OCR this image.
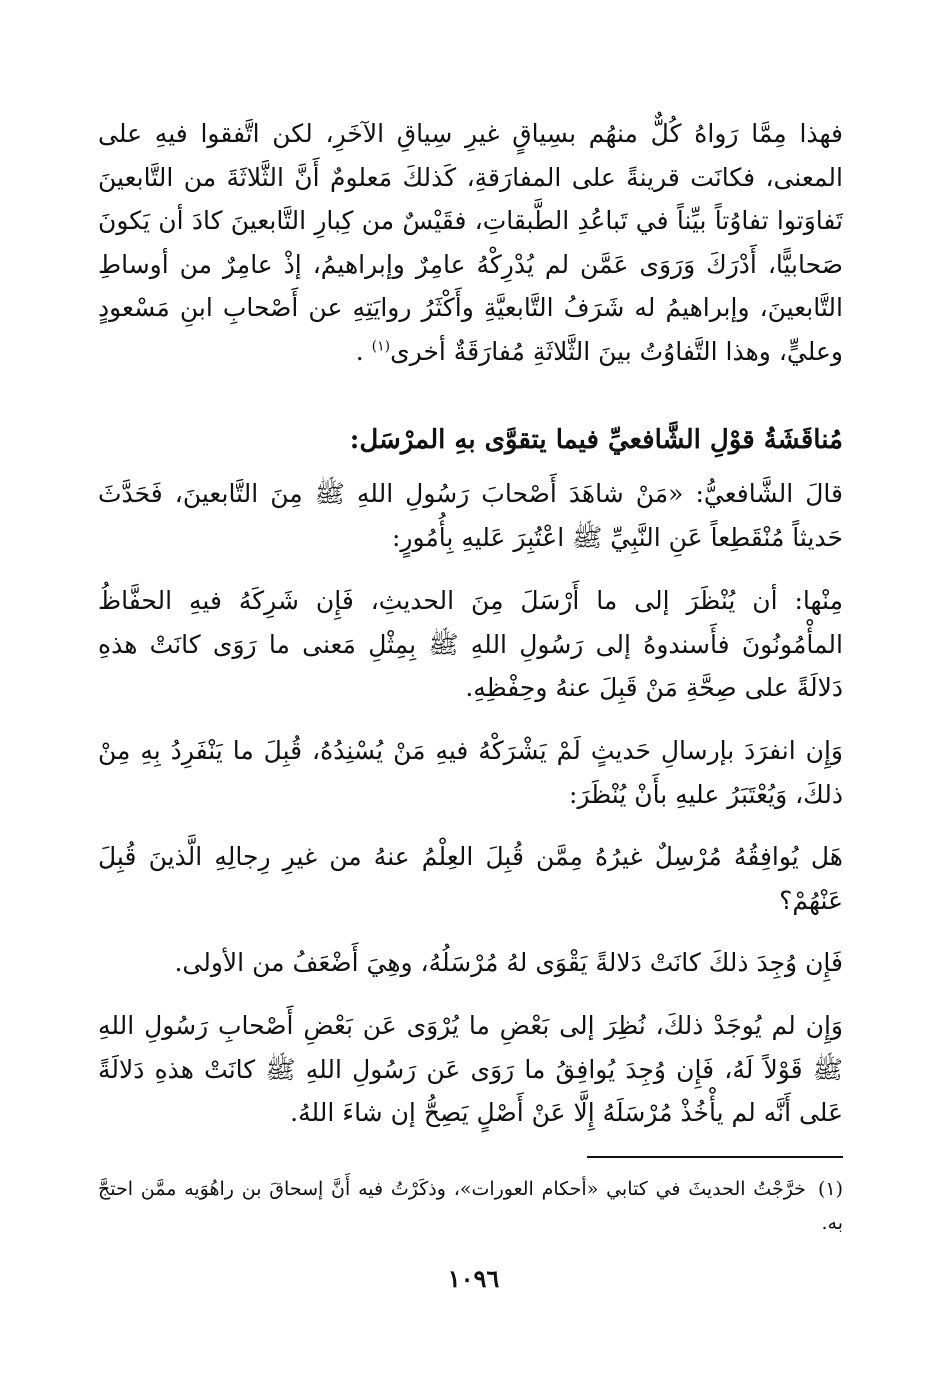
فهذا مِمَّا رَواهُ كُلٌّ منهُم بسِياقٍ غيرِ سِياقِ الآخَرِ، لكن اتَّفقوا فيهِ على المعنى، فكانَت قرينةً على المفارَقةِ، كَذلكَ مَعلومٌ أَنَّ الثَّلاثَةَ من التَّابعينَ تَفاوَتوا تفاوُتاً بيِّناً في تَباعُدِ الطَّبقاتِ، فقَيْسٌ من كِبارِ التَّابعينَ كادَ أن يَكونَ صَحابيًّا، أَدْرَكَ وَرَوَى عَمَّن لم يُدْرِكْهُ عامِرٌ وإبراهيمُ، إذْ عامِرٌ من أوساطِ التَّابعينَ، وإبراهيمُ له شَرَفُ التَّابعيَّةِ وأَكْثَرُ روايَتِهِ عن أَصْحابِ ابنِ مَسْعودٍ وعليٍّ، وهذا التَّفاوُتُ بينَ الثَّلاثَةِ مُفارَقَةٌ أخرى$^{(١)}$ .

مُناقَشَةُ قوْلِ الشَّافعيِّ فيما يتقوَّى بهِ المرْسَل:

قالَ الشَّافعيُّ: «مَنْ شاهَدَ أَصْحابَ رَسُولِ اللهِ ﷺ مِنَ التَّابعينَ، فَحَدَّثَ حَديثاً مُنْقَطِعاً عَنِ النَّبِيِّ ﷺ اعْتُبِرَ عَليهِ بِأُمُورٍ:

مِنْها: أن يُنْظَرَ إلى ما أَرْسَلَ مِنَ الحديثِ، فَإِن شَرِكَهُ فيهِ الحفَّاظُ المأْمُونُونَ فأَسندوهُ إلى رَسُولِ اللهِ ﷺ بِمِثْلِ مَعنى ما رَوَى كانَتْ هذهِ دَلالَةً على صِحَّةِ مَنْ قَبِلَ عنهُ وحِفْظِهِ.

وَإِن انفرَدَ بإرسالِ حَديثٍ لَمْ يَشْرَكْهُ فيهِ مَنْ يُسْنِدُهُ، قُبِلَ ما يَنْفَرِدُ بِهِ مِنْ ذلكَ، وَيُعْتَبَرُ عليهِ بأَنْ يُنْظَرَ:

هَل يُوافِقُهُ مُرْسِلٌ غيرُهُ مِمَّن قُبِلَ العِلْمُ عنهُ من غيرِ رِجالِهِ الَّذينَ قُبِلَ عَنْهُمْ؟

فَإِن وُجِدَ ذلكَ كانَتْ دَلالةً يَقْوَى لهُ مُرْسَلُهُ، وهِيَ أَضْعَفُ من الأولى.

وَإِن لم يُوجَدْ ذلكَ، نُظِرَ إلى بَعْضِ ما يُرْوَى عَن بَعْضِ أَصْحابِ رَسُولِ اللهِ ﷺ قَوْلاً لَهُ، فَإِن وُجِدَ يُوافِقُ ما رَوَى عَن رَسُولِ اللهِ ﷺ كانَتْ هذهِ دَلالَةً عَلى أَنَّه لم يأْخُذْ مُرْسَلَهُ إِلَّا عَنْ أَصْلٍ يَصِحُّ إن شاءَ اللهُ.

(١)خرَّجْتُ الحديثَ في كتابي «أحكام العورات»، وذكَرْتُ فيه أَنَّ إسحاقَ بن راهُوَيه ممَّن احتجَّ به.

١٠٩٦
